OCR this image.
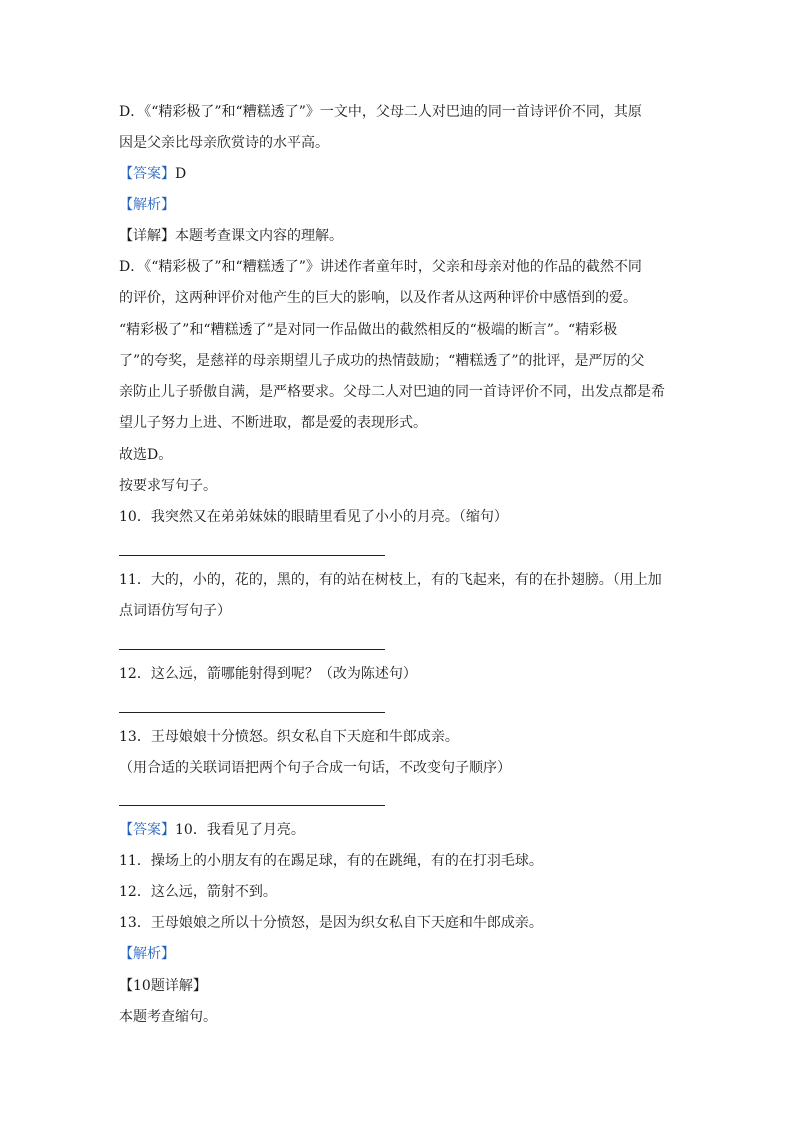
D．《“精彩极了”和“糟糕透了”》一文中，父母二人对巴迪的同一首诗评价不同，其原
因是父亲比母亲欣赏诗的水平高。
【答案】D
【解析】
【详解】本题考查课文内容的理解。
D．《“精彩极了”和“糟糕透了”》讲述作者童年时，父亲和母亲对他的作品的截然不同
的评价，这两种评价对他产生的巨大的影响，以及作者从这两种评价中感悟到的爱。
“精彩极了”和“糟糕透了”是对同一作品做出的截然相反的“极端的断言”。“精彩极
了”的夸奖，是慈祥的母亲期望儿子成功的热情鼓励；“糟糕透了”的批评，是严厉的父
亲防止儿子骄傲自满，是严格要求。父母二人对巴迪的同一首诗评价不同，出发点都是希
望儿子努力上进、不断进取，都是爱的表现形式。
故选D。
按要求写句子。
10．我突然又在弟弟妹妹的眼睛里看见了小小的月亮。（缩句）
11．大的，小的，花的，黑的，有的站在树枝上，有的飞起来，有的在扑翅膀。（用上加
点词语仿写句子）
12．这么远，箭哪能射得到呢？（改为陈述句）
13．王母娘娘十分愤怒。织女私自下天庭和牛郎成亲。
（用合适的关联词语把两个句子合成一句话，不改变句子顺序）
【答案】10．我看见了月亮。
11．操场上的小朋友有的在踢足球，有的在跳绳，有的在打羽毛球。
12．这么远，箭射不到。
13．王母娘娘之所以十分愤怒，是因为织女私自下天庭和牛郎成亲。
【解析】
【10题详解】
本题考查缩句。
